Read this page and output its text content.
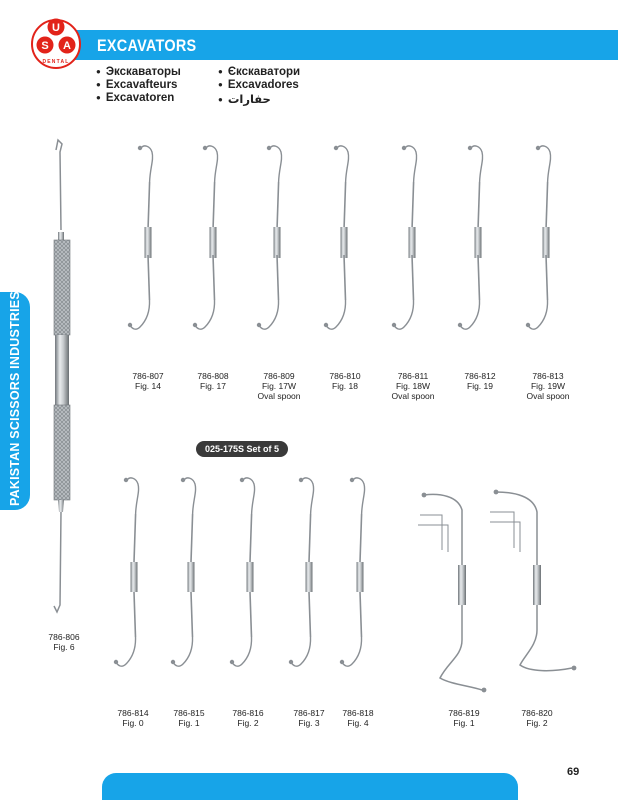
EXCAVATORS
U
S A
DENTAL
● Экскаваторы	● Єкскаватори
● Excavafteurs	● Excavadores
● Excavatoren	● حفارات
PAKISTAN SCISSORS INDUSTRIES	025-175S Set of 5
786-807
Fig. 14
786-808
Fig. 17
786-809
Fig. 17W
Oval spoon
786-810
Fig. 18
786-811
Fig. 18W
Oval spoon
786-812
Fig. 19
786-813
Fig. 19W
Oval spoon
786-806
Fig. 6
786-814
Fig. 0
786-815
Fig. 1
786-816
Fig. 2
786-817
Fig. 3
786-818
Fig. 4
786-819
Fig. 1
786-820
Fig. 2
69
